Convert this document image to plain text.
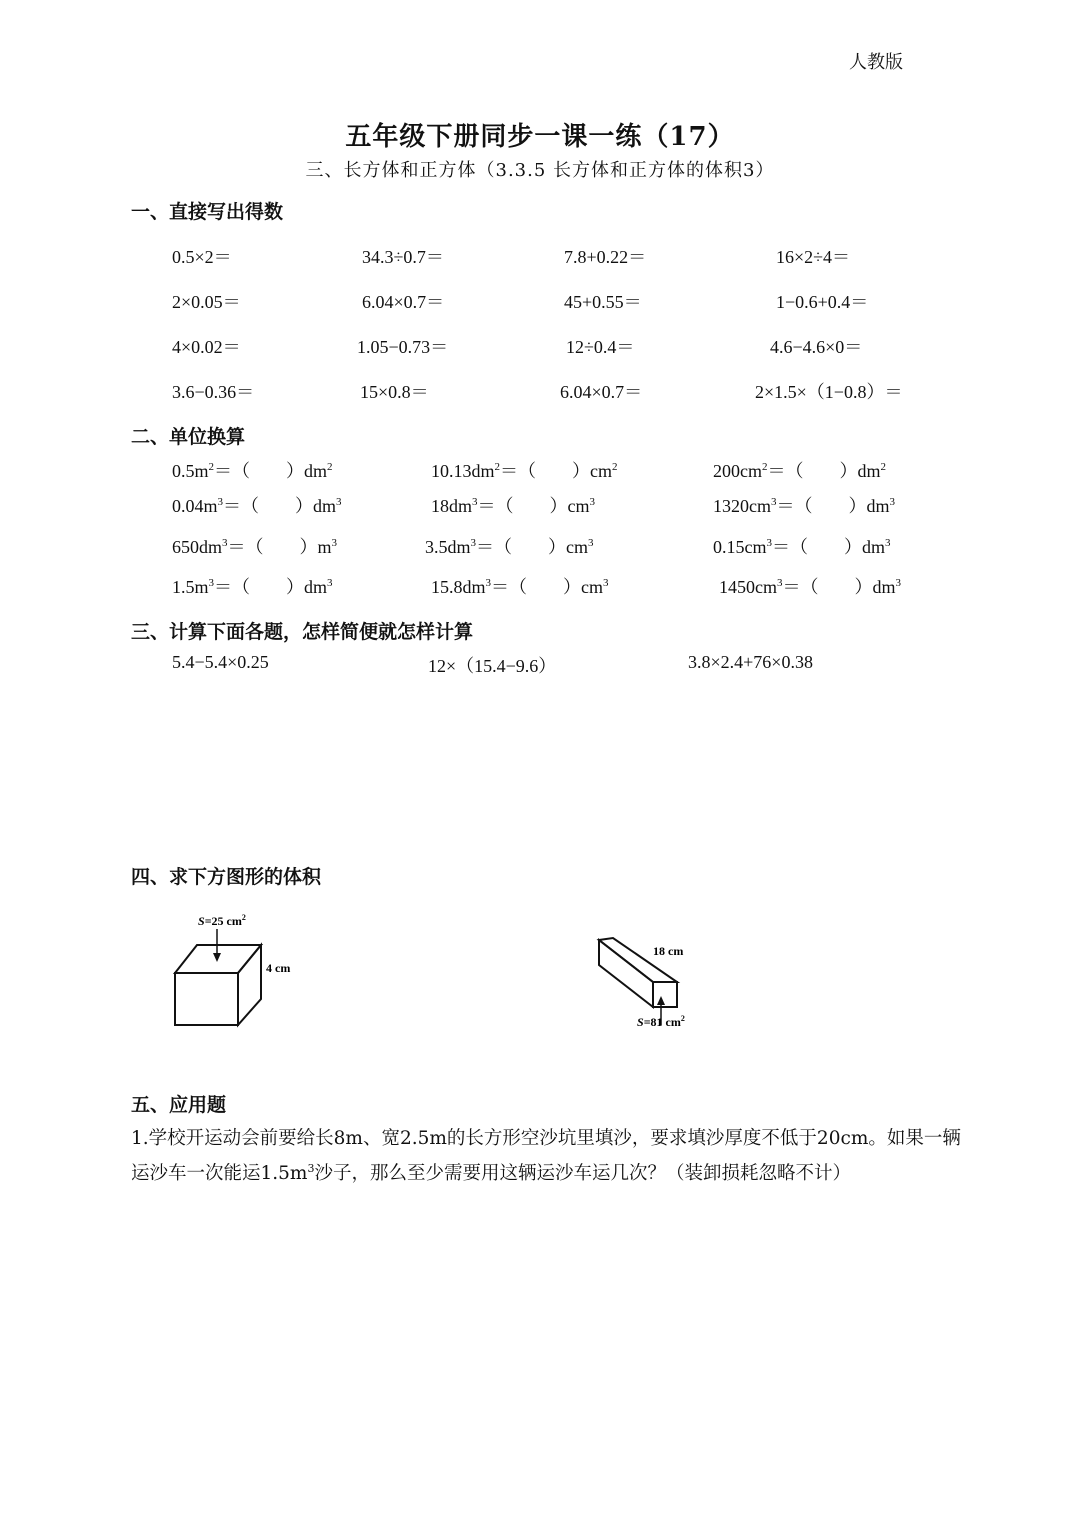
人教版
五年级下册同步一课一练（17）
三、长方体和正方体（3.3.5 长方体和正方体的体积3）
一、直接写出得数
0.5×2＝	34.3÷0.7＝	7.8+0.22＝	16×2÷4＝
2×0.05＝	6.04×0.7＝	45+0.55＝	1−0.6+0.4＝
4×0.02＝	1.05−0.73＝	12÷0.4＝	4.6−4.6×0＝
3.6−0.36＝	15×0.8＝	6.04×0.7＝	2×1.5×（1−0.8）＝
二、单位换算
$0.5m^2=$（　　 ）$dm^2$	$10.13dm^2=$（　　 ）$cm^2$	$200cm^2=$（　　 ）$dm^2$
$0.04m^3=$（　　 ）$dm^3$	$18dm^3=$（　　 ）$cm^3$	$1320cm^3=$（　　 ）$dm^3$
$650dm^3=$（　　 ）$m^3$	$3.5dm^3=$（　　 ）$cm^3$	$0.15cm^3=$（　　 ）$dm^3$
$1.5m^3=$（　　 ）$dm^3$	$15.8dm^3=$（　　 ）$cm^3$	$1450cm^3=$（　　 ）$dm^3$
三、计算下面各题，怎样简便就怎样计算
5.4−5.4×0.25	12×（15.4−9.6）	3.8×2.4+76×0.38
四、求下方图形的体积
S=25 $cm^2$
4 cm
18 cm
S=81 $cm^2$
五、应用题
1.学校开运动会前要给长8m、宽2.5m的长方形空沙坑里填沙，要求填沙厚度不低于20cm。如果一辆运沙车一次能运$1.5m^3$沙子，那么至少需要用这辆运沙车运几次？（装卸损耗忽略不计）
